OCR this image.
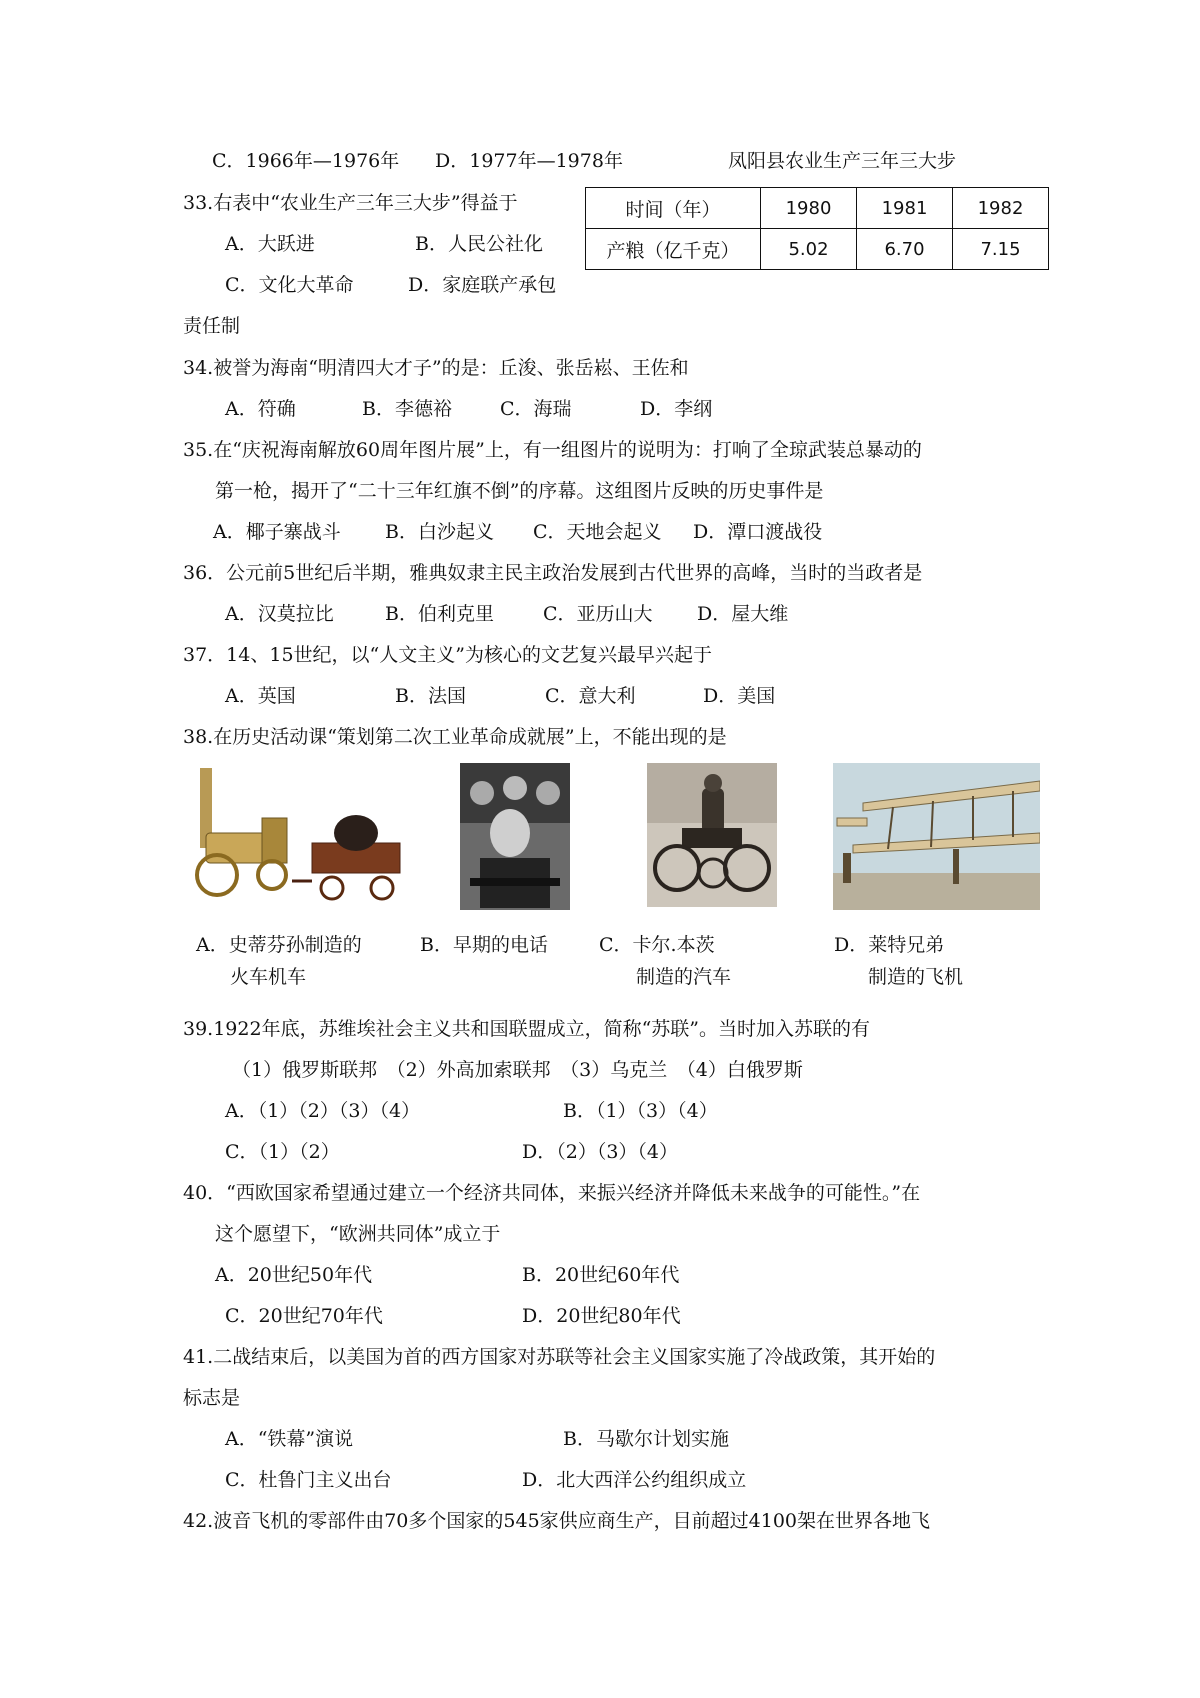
C．1966年—1976年 D．1977年—1978年	凤阳县农业生产三年三大步
33.右表中“农业生产三年三大步”得益于
A．大跃进	B．人民公社化
C．文化大革命	D．家庭联产承包
责任制
时间（年）	1980	1981	1982
产粮（亿千克）	5.02	6.70	7.15
34.被誉为海南“明清四大才子”的是：丘浚、张岳崧、王佐和
A．符确	B．李德裕	C．海瑞	D．李纲
35.在“庆祝海南解放60周年图片展”上，有一组图片的说明为：打响了全琼武装总暴动的
第一枪，揭开了“二十三年红旗不倒”的序幕。这组图片反映的历史事件是
A．椰子寨战斗 B．白沙起义 C．天地会起义 D．潭口渡战役
36．公元前5世纪后半期，雅典奴隶主民主政治发展到古代世界的高峰，当时的当政者是
A．汉莫拉比	B．伯利克里	C．亚历山大 D．屋大维
37．14、15世纪，以“人文主义”为核心的文艺复兴最早兴起于
A．英国	B．法国	C．意大利	D．美国
38.在历史活动课“策划第二次工业革命成就展”上，不能出现的是
A．史蒂芬孙制造的
火车机车
B．早期的电话	C．卡尔.本茨
制造的汽车
D．莱特兄弟
制造的飞机
39.1922年底，苏维埃社会主义共和国联盟成立，简称“苏联”。当时加入苏联的有
（1）俄罗斯联邦　（2）外高加索联邦　（3）乌克兰　（4）白俄罗斯
A．（1）（2）（3）（4）	B．（1）（3）（4）
C．（1）（2）	D．（2）（3）（4）
40．“西欧国家希望通过建立一个经济共同体，来振兴经济并降低未来战争的可能性。”在
这个愿望下，“欧洲共同体”成立于
A．20世纪50年代	B．20世纪60年代
C．20世纪70年代	D．20世纪80年代
41.二战结束后，以美国为首的西方国家对苏联等社会主义国家实施了冷战政策，其开始的
标志是
A．“铁幕”演说	B．马歇尔计划实施
C．杜鲁门主义出台	D．北大西洋公约组织成立
42.波音飞机的零部件由70多个国家的545家供应商生产，目前超过4100架在世界各地飞
